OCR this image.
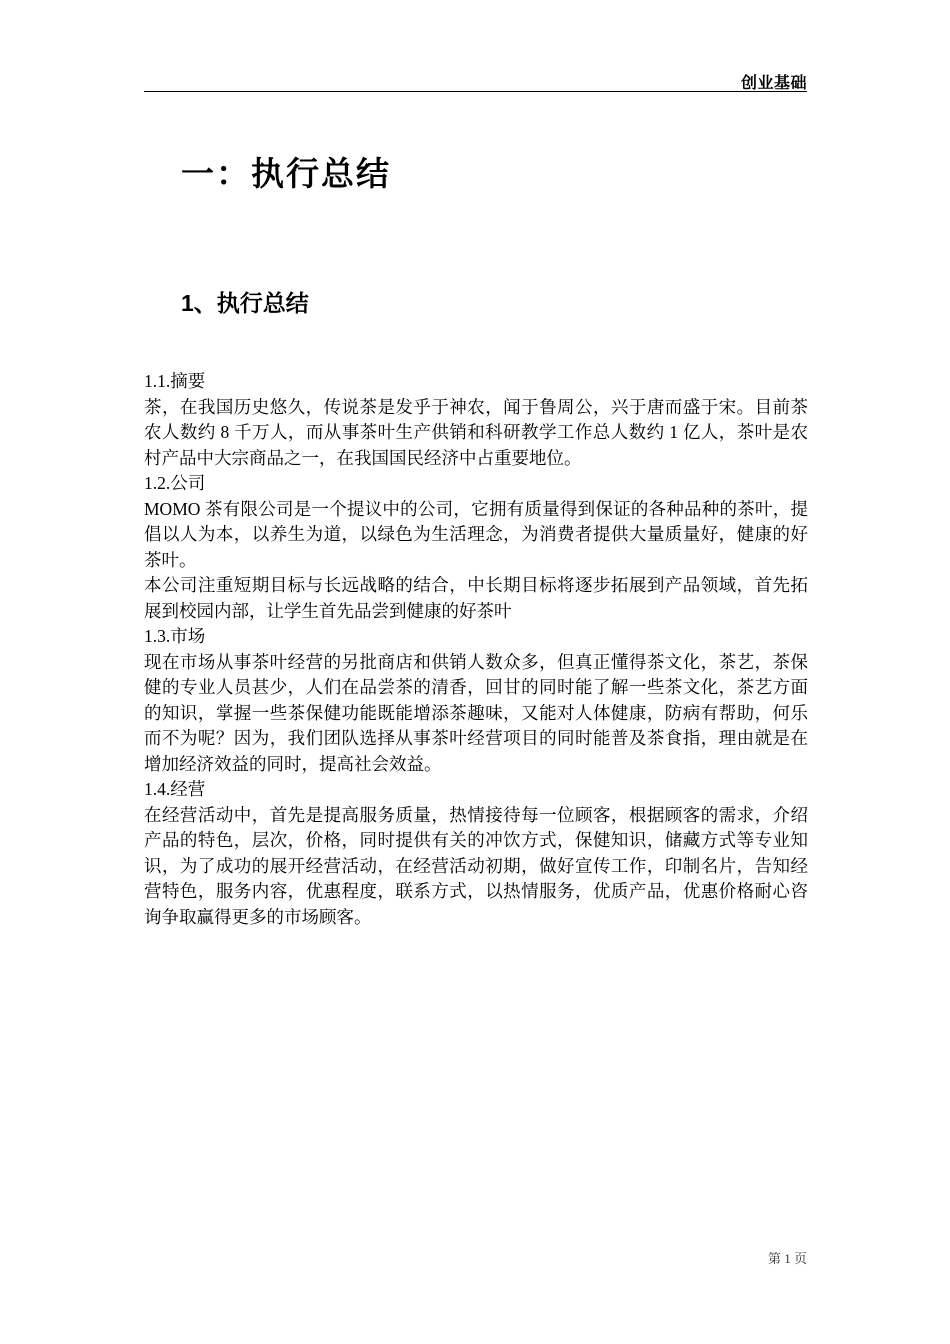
创业基础
一：执行总结
1、执行总结

1.1.摘要

茶，在我国历史悠久，传说茶是发乎于神农，闻于鲁周公，兴于唐而盛于宋。目前茶农人数约 8 千万人，而从事茶叶生产供销和科研教学工作总人数约 1 亿人，茶叶是农村产品中大宗商品之一，在我国国民经济中占重要地位。

1.2.公司

MOMO 茶有限公司是一个提议中的公司，它拥有质量得到保证的各种品种的茶叶，提倡以人为本，以养生为道，以绿色为生活理念，为消费者提供大量质量好，健康的好茶叶。

本公司注重短期目标与长远战略的结合，中长期目标将逐步拓展到产品领域，首先拓展到校园内部，让学生首先品尝到健康的好茶叶

1.3.市场

现在市场从事茶叶经营的另批商店和供销人数众多，但真正懂得茶文化，茶艺，茶保健的专业人员甚少，人们在品尝茶的清香，回甘的同时能了解一些茶文化，茶艺方面的知识，掌握一些茶保健功能既能增添茶趣味，又能对人体健康，防病有帮助，何乐而不为呢？因为，我们团队选择从事茶叶经营项目的同时能普及茶食指，理由就是在增加经济效益的同时，提高社会效益。

1.4.经营

在经营活动中，首先是提高服务质量，热情接待每一位顾客，根据顾客的需求，介绍产品的特色，层次，价格，同时提供有关的冲饮方式，保健知识，储藏方式等专业知识，为了成功的展开经营活动，在经营活动初期，做好宣传工作，印制名片，告知经营特色，服务内容，优惠程度，联系方式，以热情服务，优质产品，优惠价格耐心咨询争取赢得更多的市场顾客。

第 1 页
